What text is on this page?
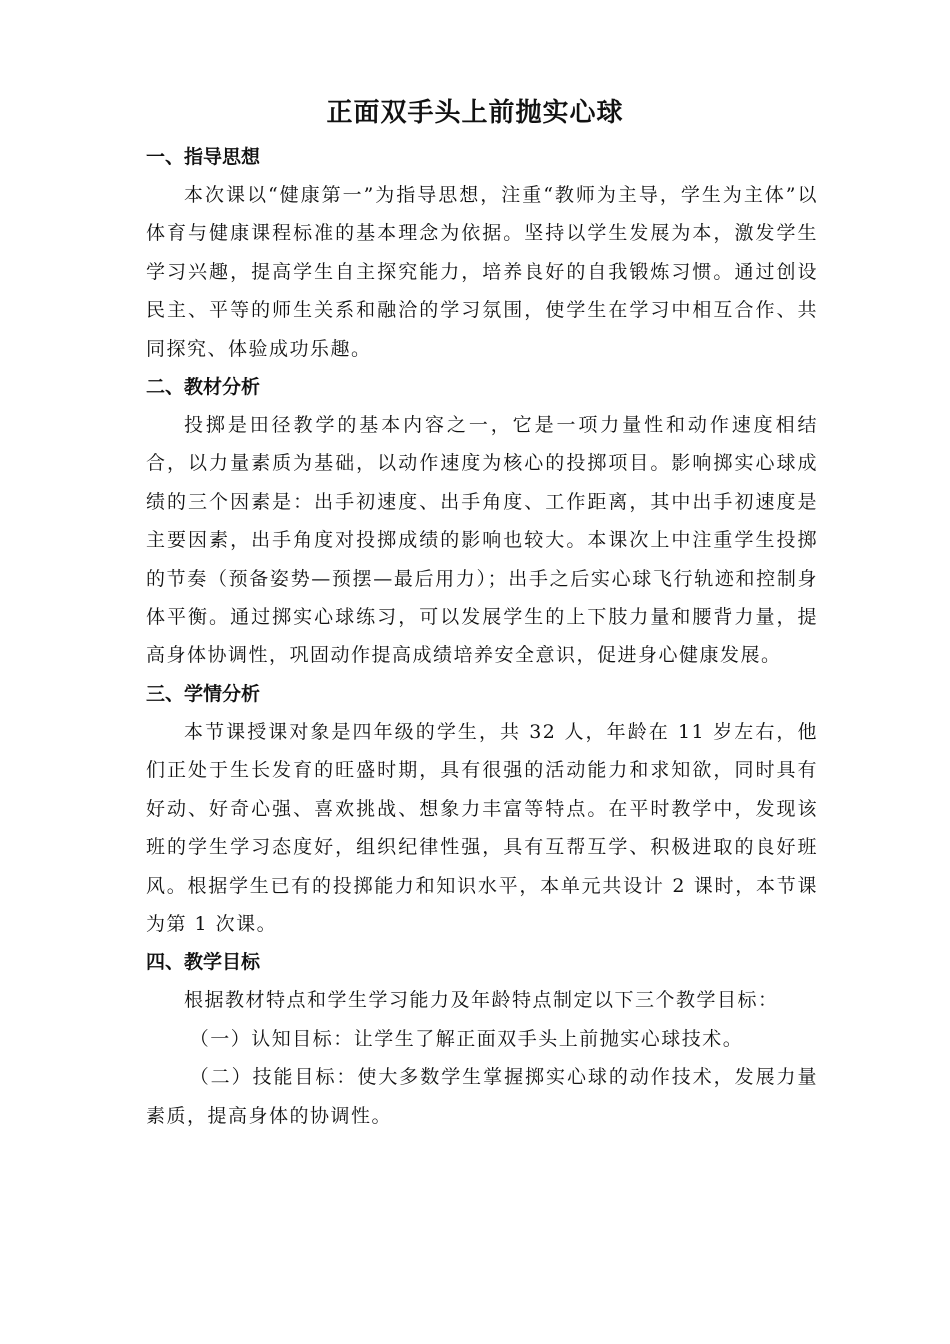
正面双手头上前抛实心球
一、指导思想

本次课以“健康第一”为指导思想，注重“教师为主导，学生为主体”以体育与健康课程标准的基本理念为依据。坚持以学生发展为本，激发学生学习兴趣，提高学生自主探究能力，培养良好的自我锻炼习惯。通过创设民主、平等的师生关系和融洽的学习氛围，使学生在学习中相互合作、共同探究、体验成功乐趣。

二、教材分析

投掷是田径教学的基本内容之一，它是一项力量性和动作速度相结合，以力量素质为基础，以动作速度为核心的投掷项目。影响掷实心球成绩的三个因素是：出手初速度、出手角度、工作距离，其中出手初速度是主要因素，出手角度对投掷成绩的影响也较大。本课次上中注重学生投掷的节奏（预备姿势—预摆—最后用力）；出手之后实心球飞行轨迹和控制身体平衡。通过掷实心球练习，可以发展学生的上下肢力量和腰背力量，提高身体协调性，巩固动作提高成绩培养安全意识，促进身心健康发展。

三、学情分析

本节课授课对象是四年级的学生，共 32 人，年龄在 11 岁左右，他们正处于生长发育的旺盛时期，具有很强的活动能力和求知欲，同时具有好动、好奇心强、喜欢挑战、想象力丰富等特点。在平时教学中，发现该班的学生学习态度好，组织纪律性强，具有互帮互学、积极进取的良好班风。根据学生已有的投掷能力和知识水平，本单元共设计 2 课时，本节课为第 1 次课。

四、教学目标

根据教材特点和学生学习能力及年龄特点制定以下三个教学目标：

（一）认知目标：让学生了解正面双手头上前抛实心球技术。

（二）技能目标：使大多数学生掌握掷实心球的动作技术，发展力量素质，提高身体的协调性。
